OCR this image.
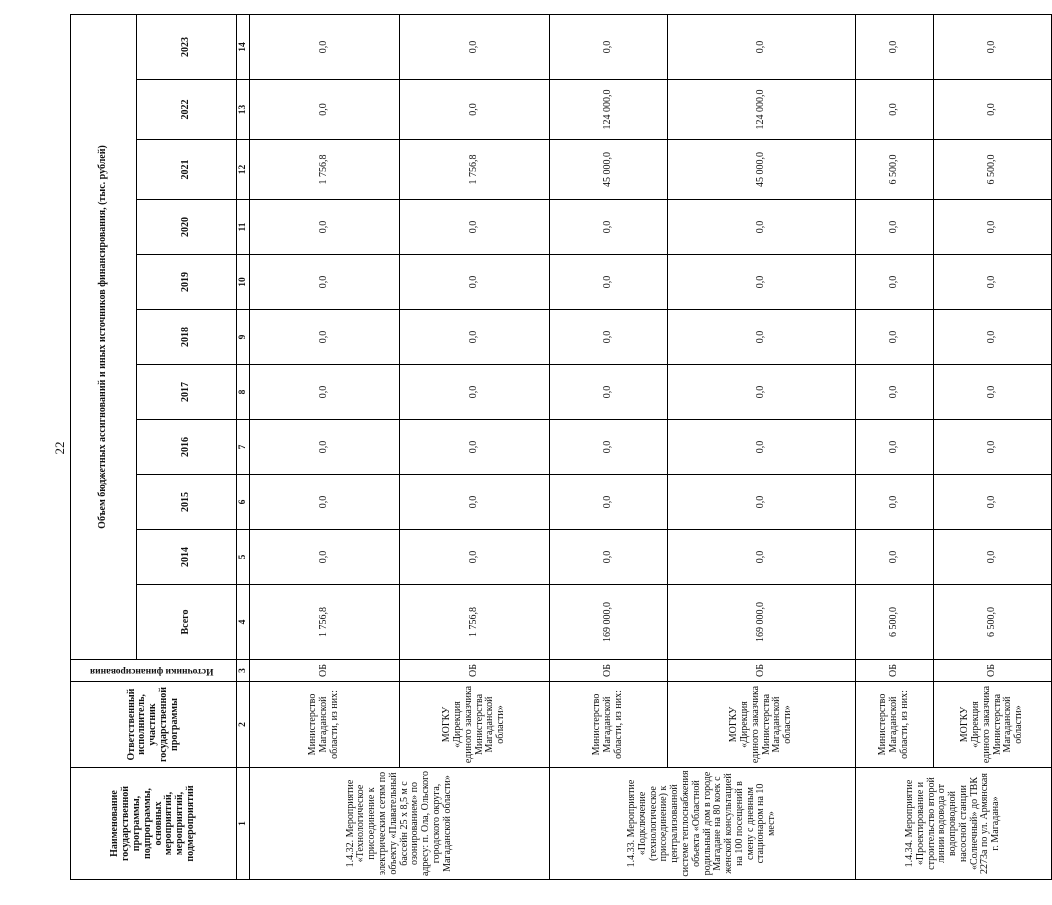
22
Наименование государственной программы, подпрограммы, основных мероприятий, мероприятий, подмероприятий	Ответственный исполнитель, участник государственной программы	Источники финансирования	Объем бюджетных ассигнований и иных источников финансирования, (тыс. рублей)										
			Всего	2014	2015	2016	2017	2018	2019	2020	2021	2022	2023
1	2	3	4	5	6	7	8	9	10	11	12	13	14
1.4.32. Мероприятие «Технологическое присоединение к электрическим сетям по объекту «Плавательный бассейн 25 x 8,5 м с озонированием» по адресу: п. Ола, Ольского городского округа, Магаданской области»	Министерство Магаданской области, из них:	ОБ	1 756,8	0,0	0,0	0,0	0,0	0,0	0,0	0,0	1 756,8	0,0	0,0
	МОГКУ «Дирекция единого заказчика Министерства Магаданской области»	ОБ	1 756,8	0,0	0,0	0,0	0,0	0,0	0,0	0,0	1 756,8	0,0	0,0
1.4.33. Мероприятие «Подключение (технологическое присоединение) к централизованной системе теплоснабжения объекта «Областной родильный дом в городе Магадане на 80 коек с женской консультацией на 100 посещений в смену с дневным стационаром на 10 мест»	Министерство Магаданской области, из них:	ОБ	169 000,0	0,0	0,0	0,0	0,0	0,0	0,0	0,0	45 000,0	124 000,0	0,0
	МОГКУ «Дирекция единого заказчика Министерства Магаданской области»	ОБ	169 000,0	0,0	0,0	0,0	0,0	0,0	0,0	0,0	45 000,0	124 000,0	0,0
1.4.34. Мероприятие «Проектирование и строительство второй линии водовода от водопроводной насосной станции «Солнечный» до ТВК 2273а по ул. Армянская г. Магадана»	Министерство Магаданской области, из них:	ОБ	6 500,0	0,0	0,0	0,0	0,0	0,0	0,0	0,0	6 500,0	0,0	0,0
	МОГКУ «Дирекция единого заказчика Министерства Магаданской области»	ОБ	6 500,0	0,0	0,0	0,0	0,0	0,0	0,0	0,0	6 500,0	0,0	0,0
